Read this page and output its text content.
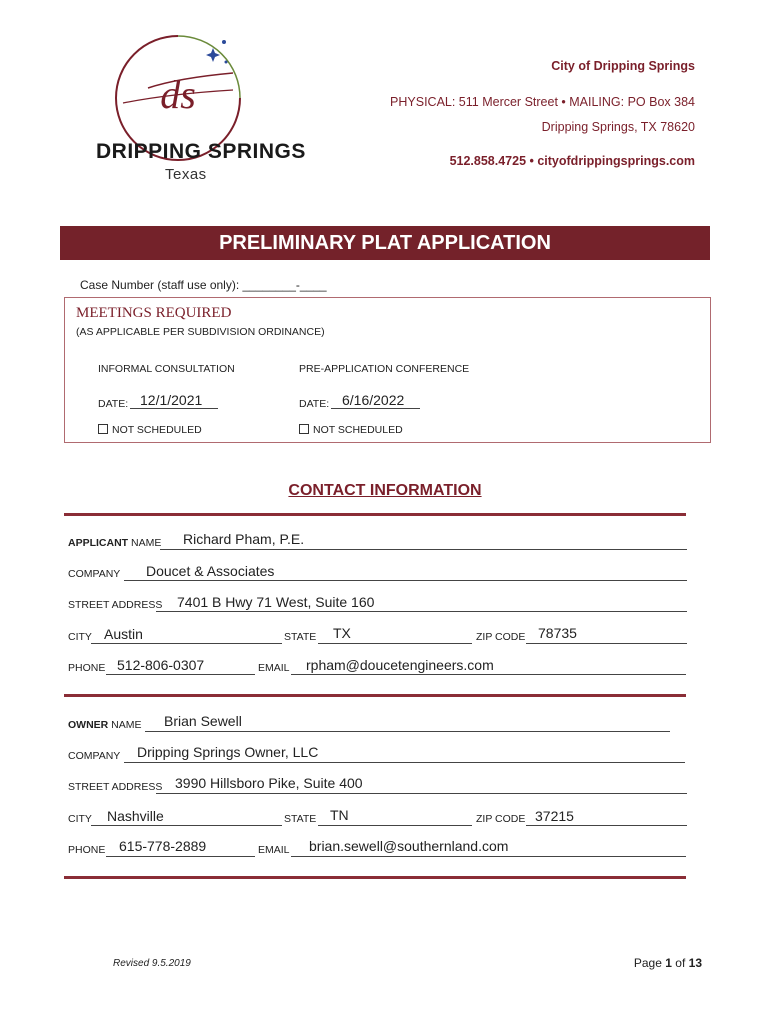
ds
DRIPPING SPRINGS
Texas
City of Dripping Springs
PHYSICAL: 511 Mercer Street • MAILING: PO Box 384
Dripping Springs, TX 78620
512.858.4725 • cityofdrippingsprings.com
PRELIMINARY PLAT APPLICATION
Case Number (staff use only): ________-____
MEETINGS REQUIRED
(AS APPLICABLE PER SUBDIVISION ORDINANCE)
INFORMAL CONSULTATION
DATE: 12/1/2021
NOT SCHEDULED
PRE-APPLICATION CONFERENCE
DATE: 6/16/2022
NOT SCHEDULED
CONTACT INFORMATION
APPLICANT NAME Richard Pham, P.E.
COMPANY Doucet & Associates
STREET ADDRESS 7401 B Hwy 71 West, Suite 160
CITY Austin	STATE TX	ZIP CODE 78735
PHONE 512-806-0307	EMAIL rpham@doucetengineers.com
OWNER NAME Brian Sewell
COMPANY Dripping Springs Owner, LLC
STREET ADDRESS 3990 Hillsboro Pike, Suite 400
CITY Nashville	STATE TN	ZIP CODE 37215
PHONE 615-778-2889	EMAIL brian.sewell@southernland.com
Revised 9.5.2019	Page 1 of 13
